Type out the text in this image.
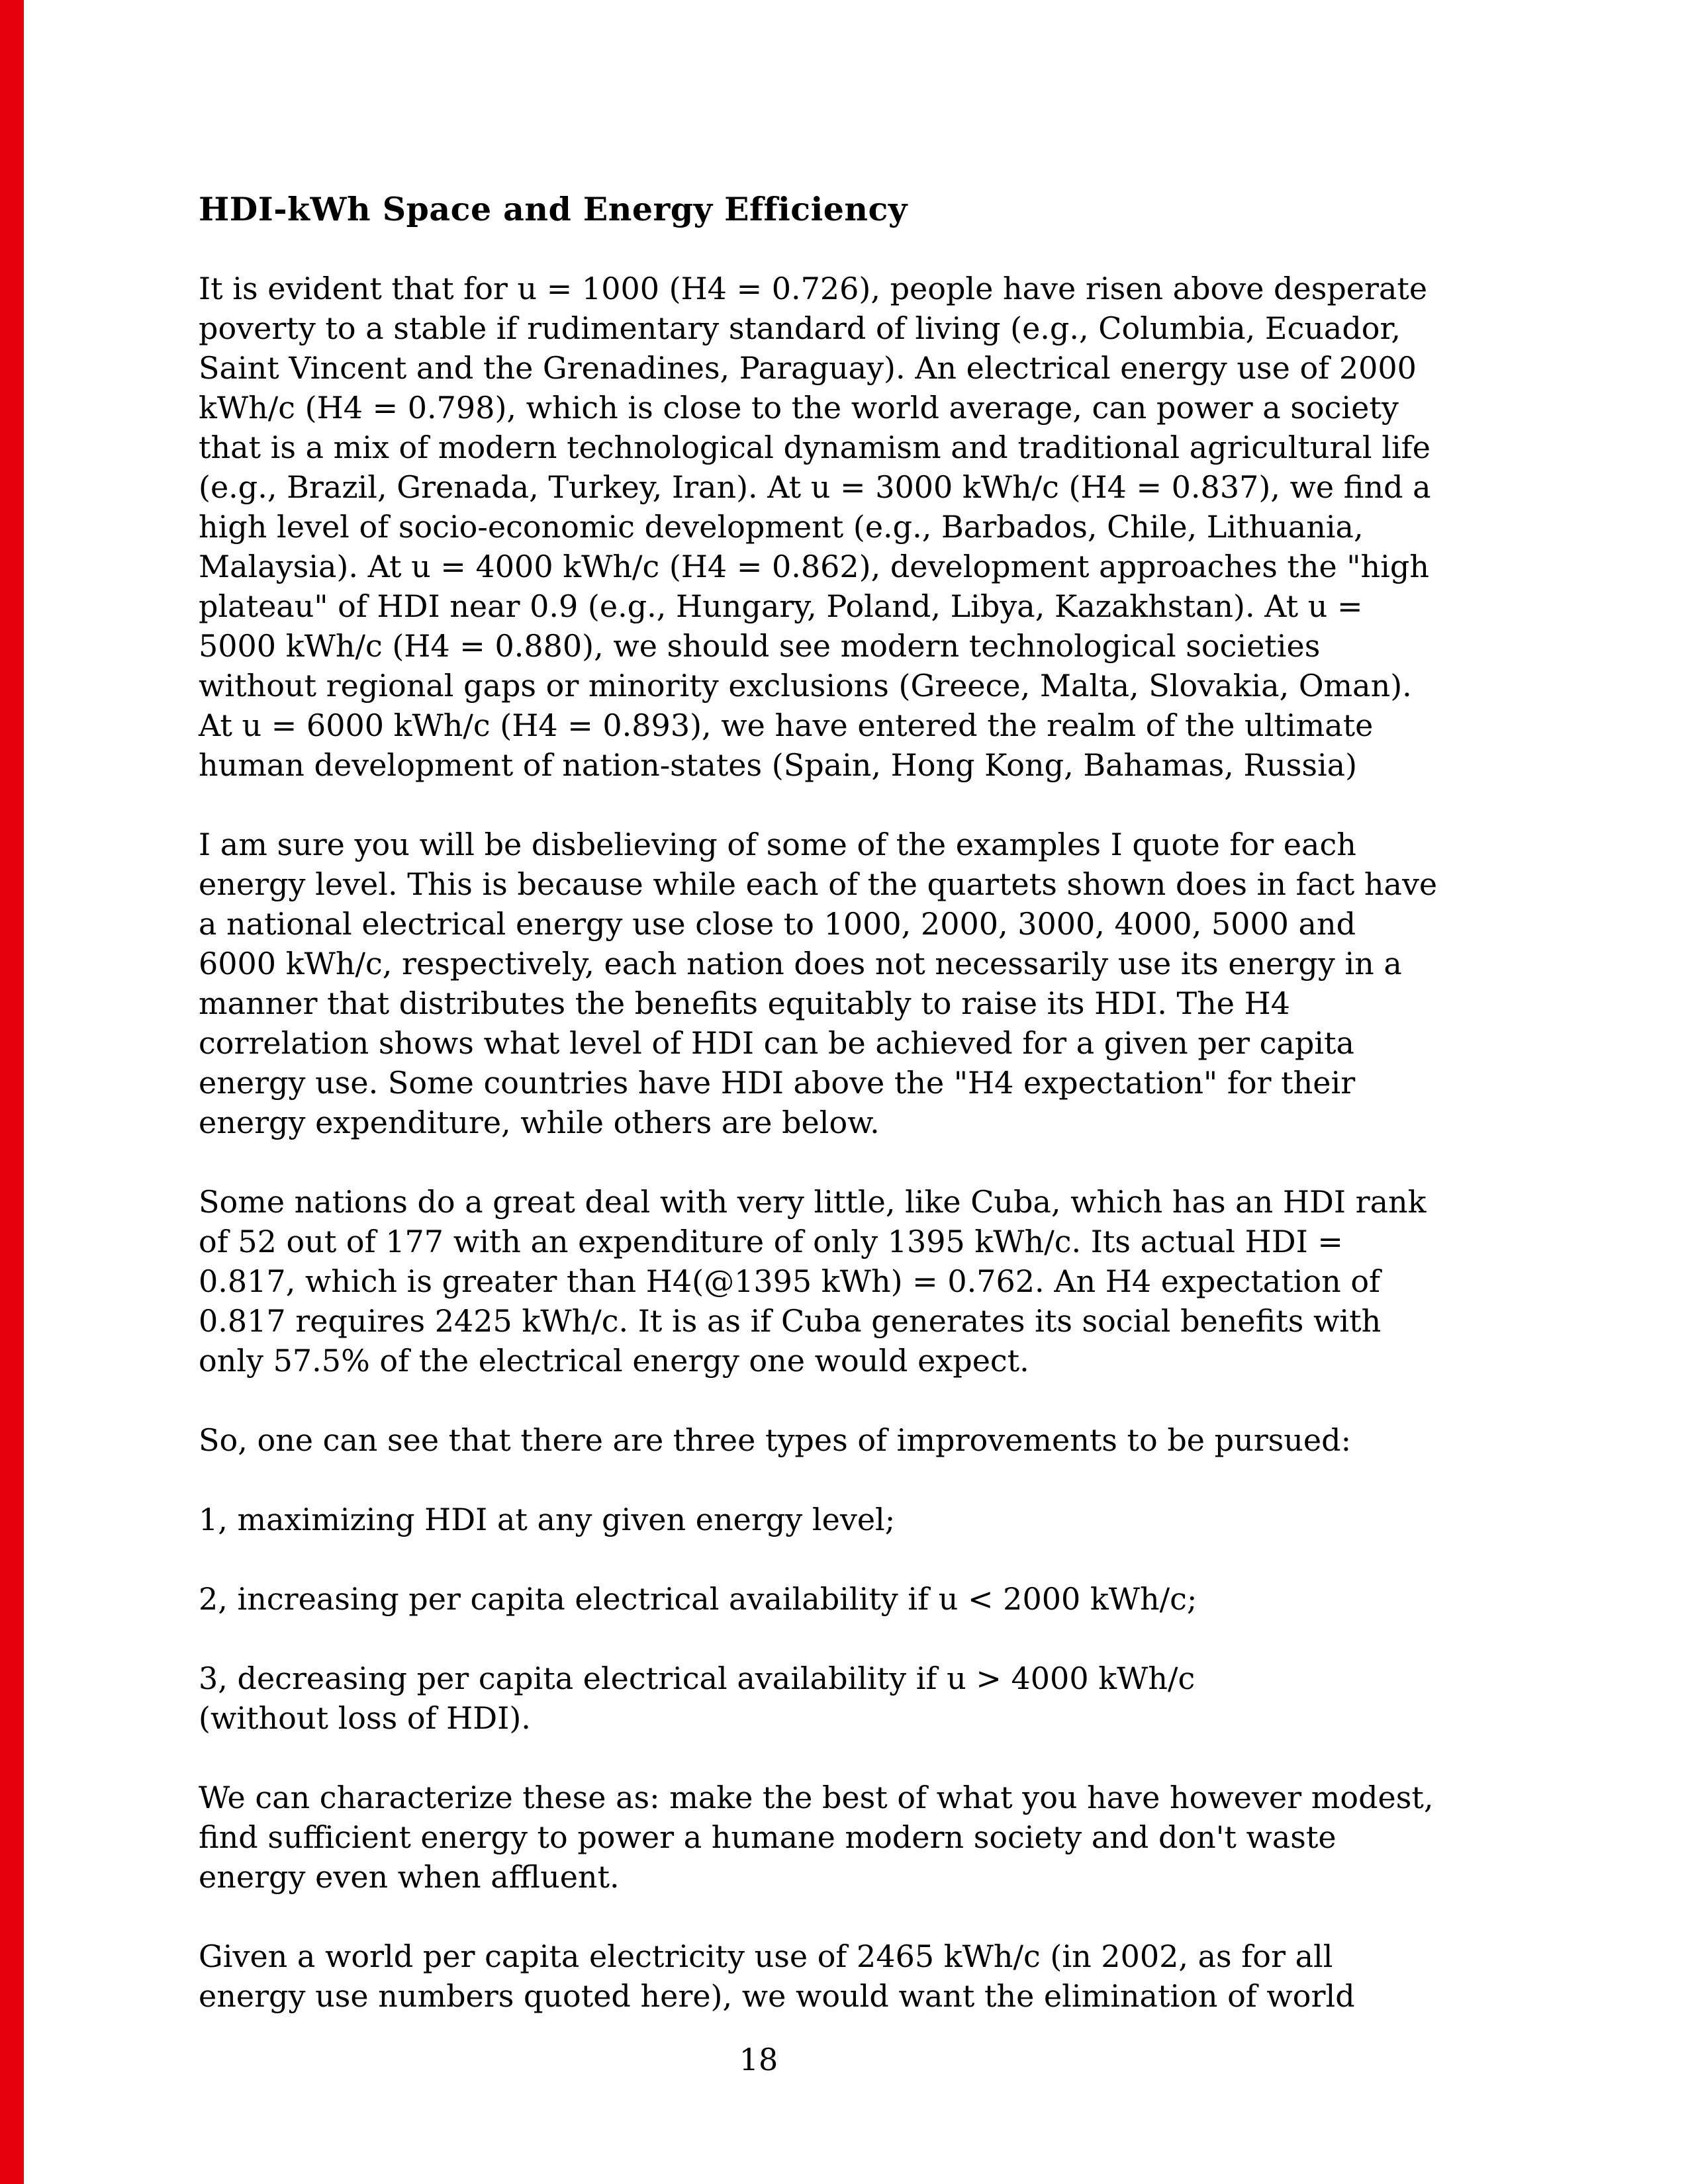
HDI-kWh Space and Energy Efficiency
It is evident that for u = 1000 (H4 = 0.726), people have risen above desperate
poverty to a stable if rudimentary standard of living (e.g., Columbia, Ecuador,
Saint Vincent and the Grenadines, Paraguay). An electrical energy use of 2000
kWh/c (H4 = 0.798), which is close to the world average, can power a society
that is a mix of modern technological dynamism and traditional agricultural life
(e.g., Brazil, Grenada, Turkey, Iran). At u = 3000 kWh/c (H4 = 0.837), we find a
high level of socio-economic development (e.g., Barbados, Chile, Lithuania,
Malaysia). At u = 4000 kWh/c (H4 = 0.862), development approaches the "high
plateau" of HDI near 0.9 (e.g., Hungary, Poland, Libya, Kazakhstan). At u =
5000 kWh/c (H4 = 0.880), we should see modern technological societies
without regional gaps or minority exclusions (Greece, Malta, Slovakia, Oman).
At u = 6000 kWh/c (H4 = 0.893), we have entered the realm of the ultimate
human development of nation-states (Spain, Hong Kong, Bahamas, Russia)
I am sure you will be disbelieving of some of the examples I quote for each
energy level. This is because while each of the quartets shown does in fact have
a national electrical energy use close to 1000, 2000, 3000, 4000, 5000 and
6000 kWh/c, respectively, each nation does not necessarily use its energy in a
manner that distributes the benefits equitably to raise its HDI. The H4
correlation shows what level of HDI can be achieved for a given per capita
energy use. Some countries have HDI above the "H4 expectation" for their
energy expenditure, while others are below.
Some nations do a great deal with very little, like Cuba, which has an HDI rank
of 52 out of 177 with an expenditure of only 1395 kWh/c. Its actual HDI =
0.817, which is greater than H4(@1395 kWh) = 0.762. An H4 expectation of
0.817 requires 2425 kWh/c. It is as if Cuba generates its social benefits with
only 57.5% of the electrical energy one would expect.
So, one can see that there are three types of improvements to be pursued:
1, maximizing HDI at any given energy level;
2, increasing per capita electrical availability if u < 2000 kWh/c;
3, decreasing per capita electrical availability if u > 4000 kWh/c
(without loss of HDI).
We can characterize these as: make the best of what you have however modest,
find sufficient energy to power a humane modern society and don't waste
energy even when affluent.
Given a world per capita electricity use of 2465 kWh/c (in 2002, as for all
energy use numbers quoted here), we would want the elimination of world
18
